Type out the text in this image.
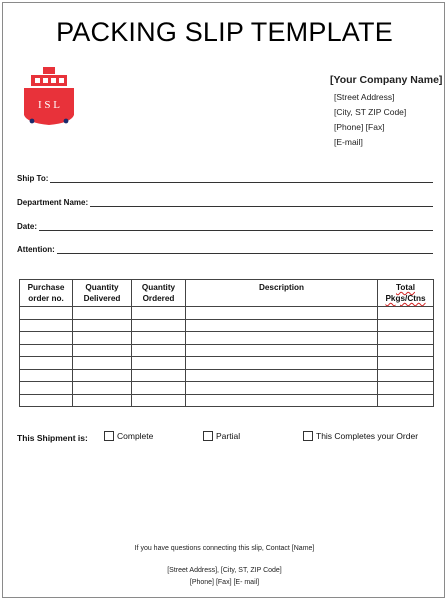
PACKING SLIP TEMPLATE
I S L
[Your Company Name]
[Street Address]
[City, ST ZIP Code]
[Phone] [Fax]
[E-mail]
Ship To:
Department Name:
Date:
Attention:
Purchase order no.	Quantity Delivered	Quantity Ordered	Description	Total Pkgs/Ctns

This Shipment is:	Complete	Partial	This Completes your Order
If you have questions connecting this slip, Contact [Name]
[Street Address], [City, ST, ZIP Code]
[Phone] [Fax] [E- mail]
